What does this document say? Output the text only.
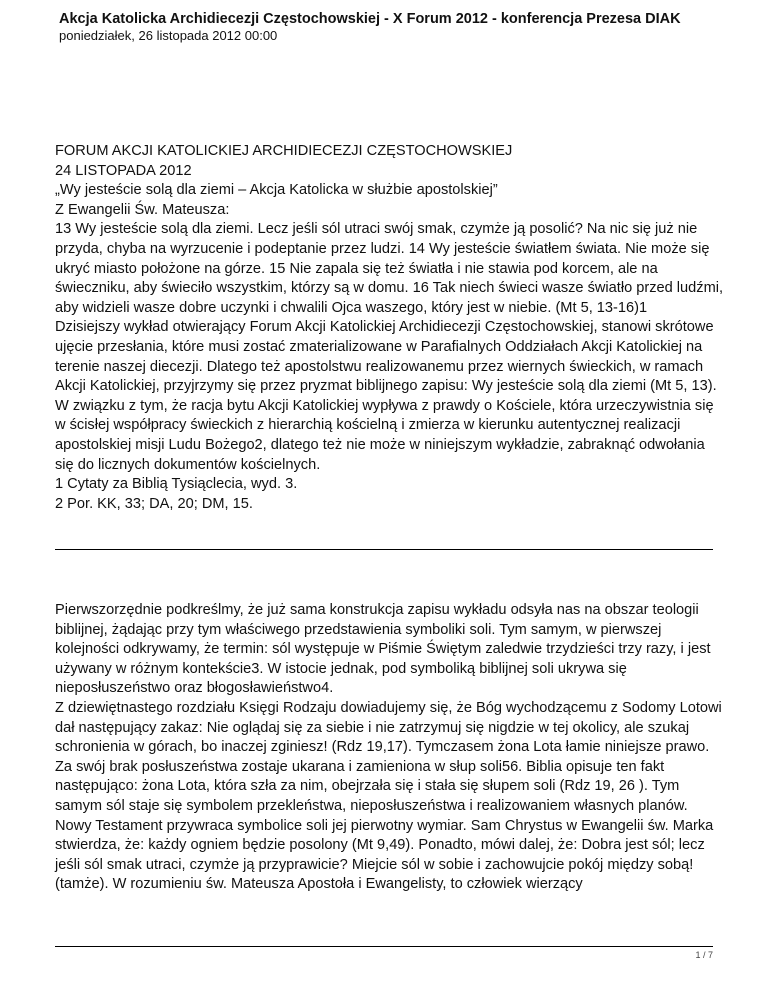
Akcja Katolicka Archidiecezji Częstochowskiej - X Forum 2012 - konferencja Prezesa DIAK
poniedziałek, 26 listopada 2012 00:00

FORUM AKCJI KATOLICKIEJ ARCHIDIECEZJI CZĘSTOCHOWSKIEJ

24 LISTOPADA 2012

„Wy jesteście solą dla ziemi – Akcja Katolicka w służbie apostolskiej”

Z Ewangelii Św. Mateusza:

13 Wy jesteście solą dla ziemi. Lecz jeśli sól utraci swój smak, czymże ją posolić? Na nic się już nie przyda, chyba na wyrzucenie i podeptanie przez ludzi. 14 Wy jesteście światłem świata. Nie może się ukryć miasto położone na górze. 15 Nie zapala się też światła i nie stawia pod korcem, ale na świeczniku, aby świeciło wszystkim, którzy są w domu. 16 Tak niech świeci wasze światło przed ludźmi, aby widzieli wasze dobre uczynki i chwalili Ojca waszego, który jest w niebie. (Mt 5, 13-16)1

Dzisiejszy wykład otwierający Forum Akcji Katolickiej Archidiecezji Częstochowskiej, stanowi skrótowe ujęcie przesłania, które musi zostać zmaterializowane w Parafialnych Oddziałach Akcji Katolickiej na terenie naszej diecezji. Dlatego też apostolstwu realizowanemu przez wiernych świeckich, w ramach Akcji Katolickiej, przyjrzymy się przez pryzmat biblijnego zapisu: Wy jesteście solą dla ziemi (Mt 5, 13).

W związku z tym, że racja bytu Akcji Katolickiej wypływa z prawdy o Kościele, która urzeczywistnia się w ścisłej współpracy świeckich z hierarchią kościelną i zmierza w kierunku autentycznej realizacji apostolskiej misji Ludu Bożego2, dlatego też nie może w niniejszym wykładzie, zabraknąć odwołania się do licznych dokumentów kościelnych.

1 Cytaty za Biblią Tysiąclecia, wyd. 3.

2 Por. KK, 33; DA, 20; DM, 15.

Pierwszorzędnie podkreślmy, że już sama konstrukcja zapisu wykładu odsyła nas na obszar teologii biblijnej, żądając przy tym właściwego przedstawienia symboliki soli. Tym samym, w pierwszej kolejności odkrywamy, że termin: sól występuje w Piśmie Świętym zaledwie trzydzieści trzy razy, i jest używany w różnym kontekście3. W istocie jednak, pod symboliką biblijnej soli ukrywa się nieposłuszeństwo oraz błogosławieństwo4.

Z dziewiętnastego rozdziału Księgi Rodzaju dowiadujemy się, że Bóg wychodzącemu z Sodomy Lotowi dał następujący zakaz: Nie oglądaj się za siebie i nie zatrzymuj się nigdzie w tej okolicy, ale szukaj schronienia w górach, bo inaczej zginiesz! (Rdz 19,17). Tymczasem żona Lota łamie niniejsze prawo. Za swój brak posłuszeństwa zostaje ukarana i zamieniona w słup soli56. Biblia opisuje ten fakt następująco: żona Lota, która szła za nim, obejrzała się i stała się słupem soli (Rdz 19, 26 ). Tym samym sól staje się symbolem przekleństwa, nieposłuszeństwa i realizowaniem własnych planów.

Nowy Testament przywraca symbolice soli jej pierwotny wymiar. Sam Chrystus w Ewangelii św. Marka stwierdza, że: każdy ogniem będzie posolony (Mt 9,49). Ponadto, mówi dalej, że: Dobra jest sól; lecz jeśli sól smak utraci, czymże ją przyprawicie? Miejcie sól w sobie i zachowujcie pokój między sobą! (tamże). W rozumieniu św. Mateusza Apostoła i Ewangelisty, to człowiek wierzący

1 / 7
